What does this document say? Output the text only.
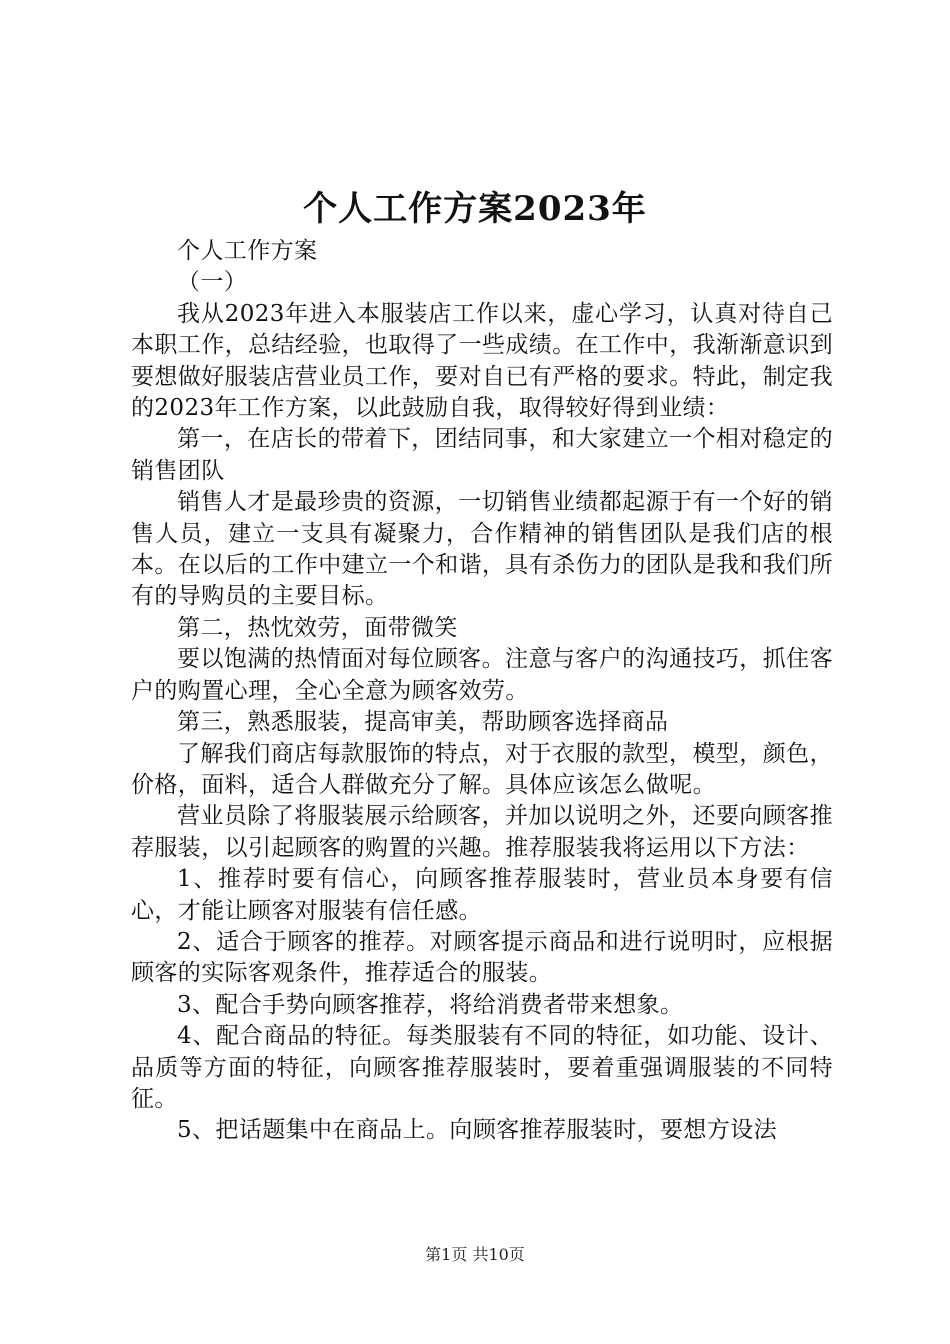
个人工作方案2023年

个人工作方案

（一）

我从2023年进入本服装店工作以来，虚心学习，认真对待自己本职工作，总结经验，也取得了一些成绩。在工作中，我渐渐意识到要想做好服装店营业员工作，要对自已有严格的要求。特此，制定我的2023年工作方案，以此鼓励自我，取得较好得到业绩：

第一，在店长的带着下，团结同事，和大家建立一个相对稳定的销售团队

销售人才是最珍贵的资源，一切销售业绩都起源于有一个好的销售人员，建立一支具有凝聚力，合作精神的销售团队是我们店的根本。在以后的工作中建立一个和谐，具有杀伤力的团队是我和我们所有的导购员的主要目标。

第二，热忱效劳，面带微笑

要以饱满的热情面对每位顾客。注意与客户的沟通技巧，抓住客户的购置心理，全心全意为顾客效劳。

第三，熟悉服装，提高审美，帮助顾客选择商品

了解我们商店每款服饰的特点，对于衣服的款型，模型，颜色，价格，面料，适合人群做充分了解。具体应该怎么做呢。

营业员除了将服装展示给顾客，并加以说明之外，还要向顾客推荐服装，以引起顾客的购置的兴趣。推荐服装我将运用以下方法：

1、推荐时要有信心，向顾客推荐服装时，营业员本身要有信心，才能让顾客对服装有信任感。

2、适合于顾客的推荐。对顾客提示商品和进行说明时，应根据顾客的实际客观条件，推荐适合的服装。

3、配合手势向顾客推荐，将给消费者带来想象。

4、配合商品的特征。每类服装有不同的特征，如功能、设计、品质等方面的特征，向顾客推荐服装时，要着重强调服装的不同特征。

5、把话题集中在商品上。向顾客推荐服装时，要想方设法

第1页 共10页
